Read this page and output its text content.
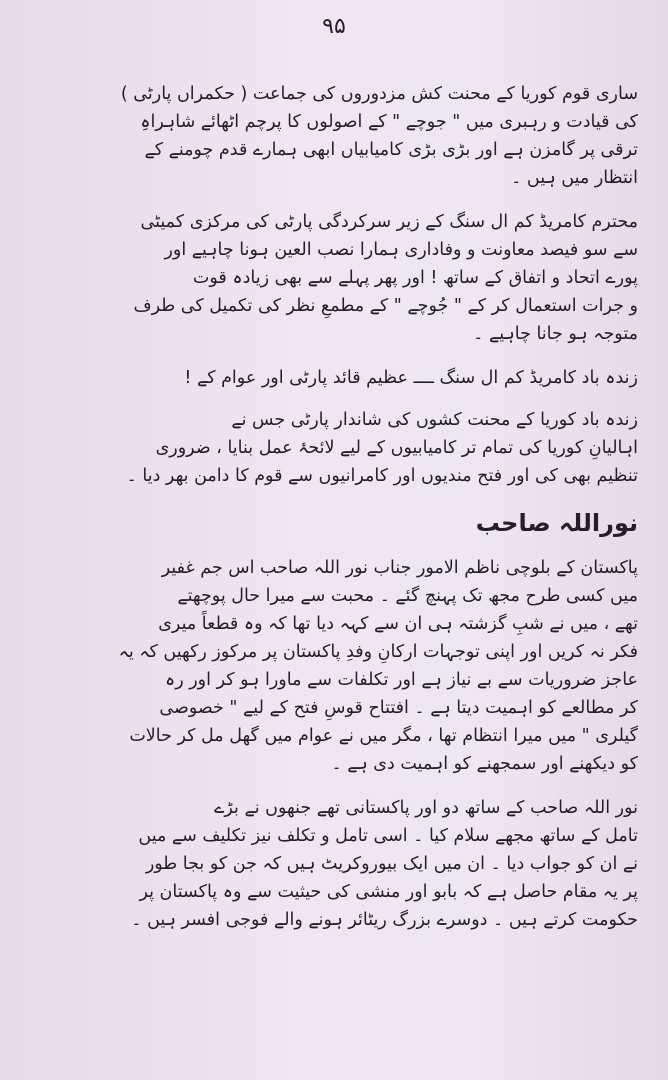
۹۵

ساری قوم کوریا کے محنت کش مزدوروں کی جماعت ( حکمراں پارٹی )
کی قیادت و رہبری میں " جوچے " کے اصولوں کا پرچم اٹھائے شاہراہِ
ترقی پر گامزن ہے اور بڑی بڑی کامیابیاں ابھی ہمارے قدم چومنے کے
انتظار میں ہیں ۔

محترم کامریڈ کم ال سنگ کے زیر سرکردگی پارٹی کی مرکزی کمیٹی
سے سو فیصد معاونت و وفاداری ہمارا نصب العین ہونا چاہیے اور
پورے اتحاد و اتفاق کے ساتھ ! اور پھر پہلے سے بھی زیادہ قوت
و جرات استعمال کر کے " جُوچے " کے مطمعِ نظر کی تکمیل کی طرف
متوجہ ہو جانا چاہیے ۔

زندہ باد کامریڈ کم ال سنگ ــــ عظیم قائد پارٹی اور عوام کے !

زندہ باد کوریا کے محنت کشوں کی شاندار پارٹی جس نے
اہالیانِ کوریا کی تمام تر کامیابیوں کے لیے لائحۂ عمل بنایا ، ضروری
تنظیم بھی کی اور فتح مندیوں اور کامرانیوں سے قوم کا دامن بھر دیا ۔

نوراللہ صاحب

پاکستان کے بلوچی ناظم الامور جناب نور اللہ صاحب اس جم غفیر
میں کسی طرح مجھ تک پہنچ گئے ۔ محبت سے میرا حال پوچھتے
تھے ، میں نے شبِ گزشتہ ہی ان سے کہہ دیا تھا کہ وہ قطعاً میری
فکر نہ کریں اور اپنی توجہات ارکانِ وفدِ پاکستان پر مرکوز رکھیں کہ یہ
عاجز ضروریات سے بے نیاز ہے اور تکلفات سے ماورا ہو کر اور رہ
کر مطالعے کو اہمیت دیتا ہے ۔ افتتاح قوسِ فتح کے لیے " خصوصی
گیلری " میں میرا انتظام تھا ، مگر میں نے عوام میں گھل مل کر حالات
کو دیکھنے اور سمجھنے کو اہمیت دی ہے ۔

نور اللہ صاحب کے ساتھ دو اور پاکستانی تھے جنھوں نے بڑے
تامل کے ساتھ مجھے سلام کیا ۔ اسی تامل و تکلف نیز تکلیف سے میں
نے ان کو جواب دیا ۔ ان میں ایک بیوروکریٹ ہیں کہ جن کو بجا طور
پر یہ مقام حاصل ہے کہ بابو اور منشی کی حیثیت سے وہ پاکستان پر
حکومت کرتے ہیں ۔ دوسرے بزرگ ریٹائر ہونے والے فوجی افسر ہیں ۔
